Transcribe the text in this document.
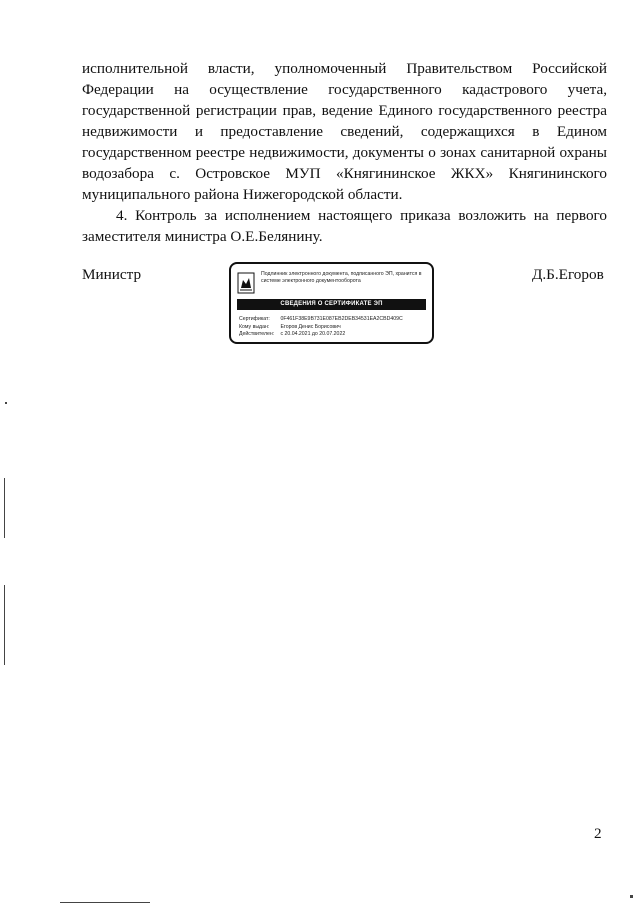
исполнительной власти, уполномоченный Правительством Российской Федерации на осуществление государственного кадастрового учета, государственной регистрации прав, ведение Единого государственного реестра недвижимости и предоставление сведений, содержащихся в Едином государственном реестре недвижимости, документы о зонах санитарной охраны водозабора с. Островское МУП «Княгининское ЖКХ» Княгининского муниципального района Нижегородской области.

4. Контроль за исполнением настоящего приказа возложить на первого заместителя министра О.Е.Белянину.

Министр	Подлинник электронного документа, подписанного ЭП, хранится в системе электронного документооборота
СВЕДЕНИЯ О СЕРТИФИКАТЕ ЭП
Сертификат: 0F461F38E9B731E087EB2DEB34531EA2CBD409C
Кому выдан: Егоров Денис Борисович
Действителен: с 20.04.2021 до 20.07.2022
Д.Б.Егоров
2
